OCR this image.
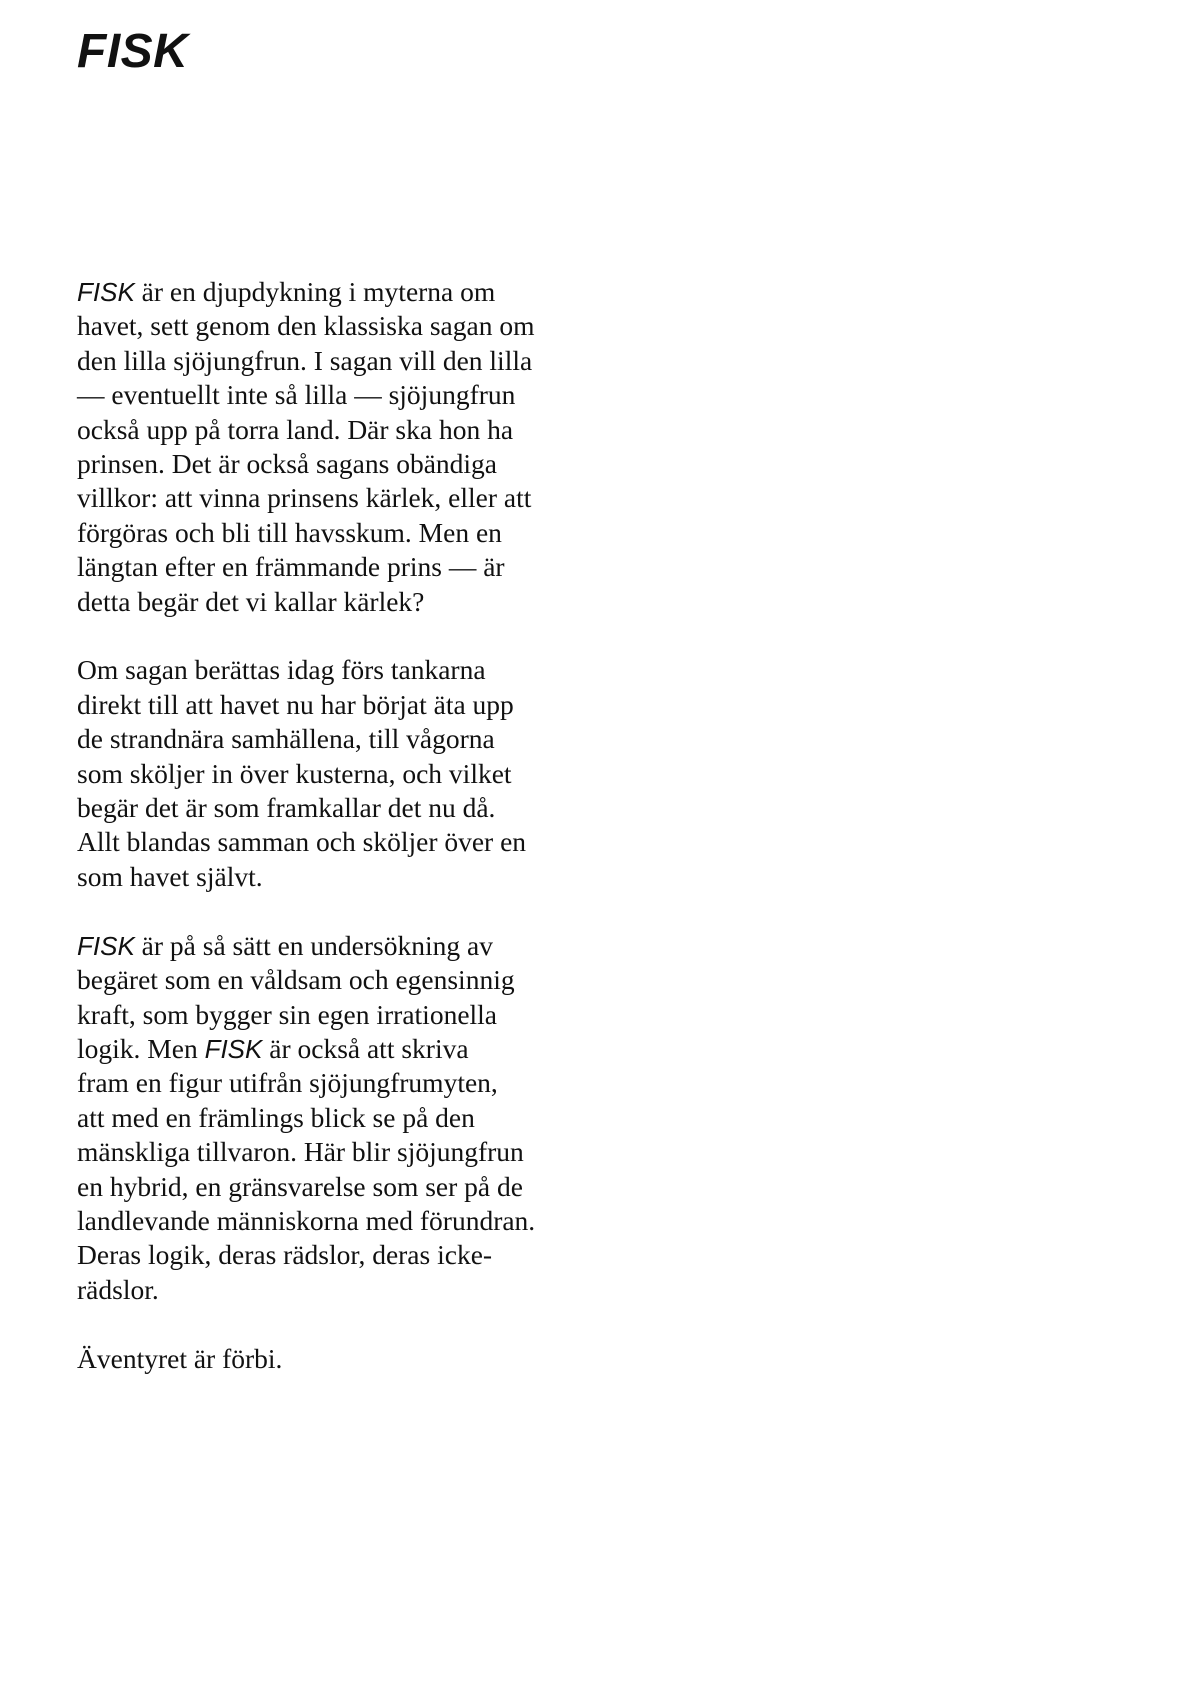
FISK

FISK är en djupdykning i myterna om
havet, sett genom den klassiska sagan om
den lilla sjöjungfrun. I sagan vill den lilla
— eventuellt inte så lilla — sjöjungfrun
också upp på torra land. Där ska hon ha
prinsen. Det är också sagans obändiga
villkor: att vinna prinsens kärlek, eller att
förgöras och bli till havsskum. Men en
längtan efter en främmande prins — är
detta begär det vi kallar kärlek?

Om sagan berättas idag förs tankarna
direkt till att havet nu har börjat äta upp
de strandnära samhällena, till vågorna
som sköljer in över kusterna, och vilket
begär det är som framkallar det nu då.
Allt blandas samman och sköljer över en
som havet självt.

FISK är på så sätt en undersökning av
begäret som en våldsam och egensinnig
kraft, som bygger sin egen irrationella
logik. Men FISK är också att skriva
fram en figur utifrån sjöjungfrumyten,
att med en främlings blick se på den
mänskliga tillvaron. Här blir sjöjungfrun
en hybrid, en gränsvarelse som ser på de
landlevande människorna med förundran.
Deras logik, deras rädslor, deras icke-
rädslor.

Äventyret är förbi.
